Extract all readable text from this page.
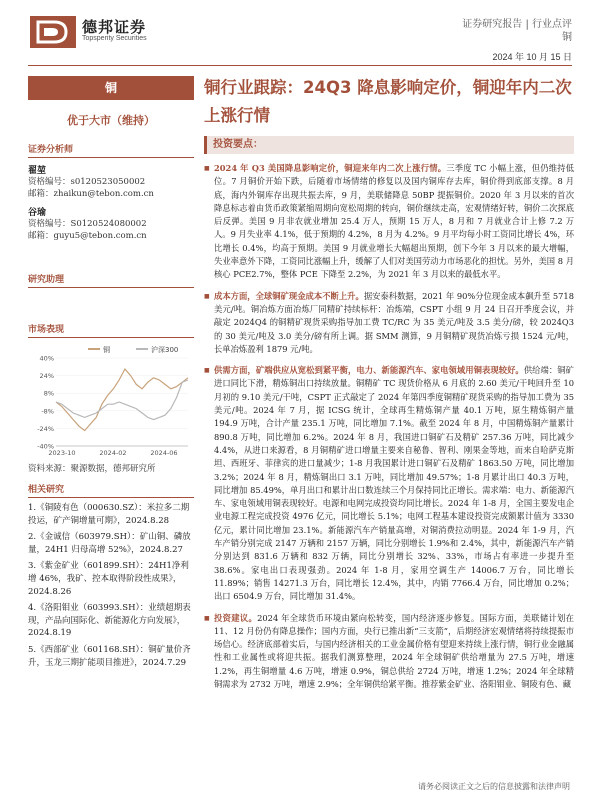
德邦证券
Topsperity Securities
证券研究报告 | 行业点评
铜
2024 年 10 月 15 日
铜
优于大市（维持）
证券分析师
翟堃
资格编号：s0120523050002
邮箱：zhaikun@tebon.com.cn
谷瑜
资格编号：S0120524080002
邮箱：guyu5@tebon.com.cn
研究助理
市场表现
铜	沪深300
40%
24%
8%
-8%
-24%
-40%
2023-10	2024-02	2024-06
资料来源：聚源数据，德邦研究所
相关研究
1.《铜陵有色（000630.SZ）：米拉多二期投运，矿产铜增量可期》，2024.8.28
2.《金诚信（603979.SH）：矿山铜、磷放量，24H1 归母高增 52%》，2024.8.27
3.《紫金矿业（601899.SH）：24H1净利增 46%，我矿、控本取得阶段性成果》，2024.8.26
4.《洛阳钼业（603993.SH）：业绩超期表现，产品向国际化、新能源化方向发展》，2024.8.19
5.《西部矿业（601168.SH）：铜矿量价齐升，玉龙三期扩能项目推进》，2024.7.29
铜行业跟踪：24Q3 降息影响定价，铜迎年内二次上涨行情
投资要点：
■ 2024 年 Q3 美国降息影响定价，铜迎来年内二次上涨行情。三季度 TC 小幅上涨，但仍维持低位。7 月铜价开始下跌，后随着市场情绪的修复以及国内铜库存去库，铜价得到底部支撑。8 月底，海内外铜库存出现共振去库，9 月，美联储降息 50BP 提振铜价。2020 年 3 月以来的首次降息标志着由货币政策紧缩周期向宽松周期的转向，铜价继续走高，宏观情绪好转，铜价二次探底后反弹。美国 9 月非农就业增加 25.4 万人，预期 15 万人，8 月和 7 月就业合计上修 7.2 万人。9 月失业率 4.1%，低于预期的 4.2%，8 月为 4.2%。9 月平均每小时工资同比增长 4%，环比增长 0.4%，均高于预期。美国 9 月就业增长大幅超出预期，创下今年 3 月以来的最大增幅，失业率意外下降，工资同比涨幅上升，缓解了人们对美国劳动力市场恶化的担忧。另外，美国 8 月核心 PCE2.7%，整体 PCE 下降至 2.2%，为 2021 年 3 月以来的最低水平。
■ 成本方面，全球铜矿现金成本不断上升。据安泰科数据，2021 年 90%分位现金成本飙升至 5718 美元/吨。铜冶炼方面冶炼厂同精矿持续标杆：冶炼端，CSPT 小组 9 月 24 日召开季度会议，并敲定 2024Q4 的铜精矿现货采购指导加工费 TC/RC 为 35 美元/吨及 3.5 美分/磅，较 2024Q3 的 30 美元/吨及 3.0 美分/磅有所上调。据 SMM 测算，9 月铜精矿现货冶炼亏损 1524 元/吨，长单冶炼盈利 1879 元/吨。
■ 供需方面，矿端供应从宽松到紧平衡，电力、新能源汽车、家电领域用铜表现较好。供给端：铜矿进口同比下滑，精炼铜出口持续放量。铜精矿 TC 现货价格从 6 月底的 2.60 美元/干吨回升至 10 月初的 9.10 美元/干吨，CSPT 正式敲定了 2024 年第四季度铜精矿现货采购的指导加工费为 35 美元/吨。2024 年 7 月，据 ICSG 统计，全球再生精炼铜产量 40.1 万吨，原生精炼铜产量 194.9 万吨，合计产量 235.1 万吨，同比增加 7.1%。截至 2024 年 8 月，中国精炼铜产量累计 890.8 万吨，同比增加 6.2%。2024 年 8 月，我国进口铜矿石及精矿 257.36 万吨，同比减少 4.4%，从进口来源看，8 月铜精矿进口增量主要来自秘鲁、智利、刚果金等地，而来自哈萨克斯坦、西班牙、菲律宾的进口量减少；1-8 月我国累计进口铜矿石及精矿 1863.50 万吨，同比增加 3.2%；2024 年 8 月，精炼铜出口 3.1 万吨，同比增加 49.57%；1-8 月累计出口 40.3 万吨，同比增加 85.49%，单月出口和累计出口数连续三个月保持同比正增长。需求端：电力、新能源汽车、家电领域用铜表现较好。电源和电网完成投资均同比增长。2024 年 1-8 月，全国主要发电企业电源工程完成投资 4976 亿元，同比增长 5.1%；电网工程基本建设投资完成额累计值为 3330 亿元，累计同比增加 23.1%。新能源汽车产销量高增，对铜消费拉动明显。2024 年 1-9 月，汽车产销分别完成 2147 万辆和 2157 万辆，同比分别增长 1.9%和 2.4%，其中，新能源汽车产销分别达到 831.6 万辆和 832 万辆，同比分别增长 32%、33%，市场占有率进一步提升至 38.6%。家电出口表现强劲。2024 年 1-8 月，家用空调生产 14006.7 万台，同比增长 11.89%；销售 14271.3 万台，同比增长 12.4%，其中，内销 7766.4 万台，同比增加 0.2%；出口 6504.9 万台，同比增加 31.4%。
■ 投资建议。2024 年全球货币环境由紧向松转变，国内经济逐步修复。国际方面，美联储计划在 11、12 月份仍有降息操作；国内方面，央行已推出新“三支箭”，后期经济宏观情绪将持续提振市场信心。经济底部着实后，与国内经济相关的工业金属价格有望迎来持续上涨行情，铜行业金融属性和工业属性或将迎共振。据我们测算整理，2024 年全球铜矿供给增量为 27.5 万吨，增速 1.2%，再生铜增量 4.6 万吨，增速 0.9%，铜总供给 2724 万吨，增速 1.2%；2024 年全球精铜需求为 2732 万吨，增速 2.9%；全年铜供给紧平衡。推荐紫金矿业、洛阳钼业、铜陵有色、藏
请务必阅读正文之后的信息披露和法律声明
